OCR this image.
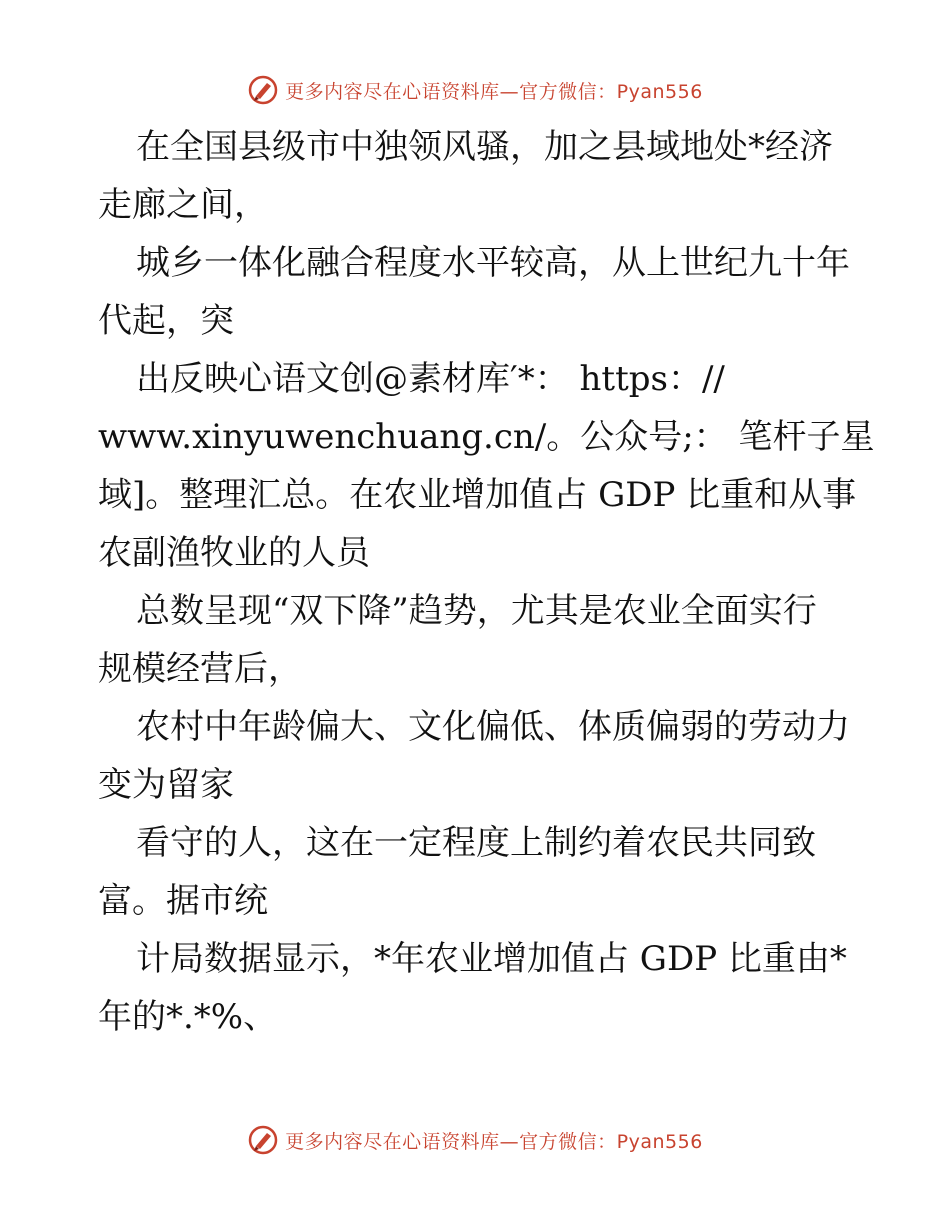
更多内容尽在心语资料库—官方微信：Pyan556

在全国县级市中独领风骚，加之县域地处*经济
走廊之间，

城乡一体化融合程度水平较高，从上世纪九十年
代起，突

出反映心语文创@素材库′*： https：//
www.xinyuwenchuang.cn/。公众号;： 笔杆子星
域]。整理汇总。在农业增加值占 GDP 比重和从事
农副渔牧业的人员

总数呈现“双下降”趋势，尤其是农业全面实行
规模经营后，

农村中年龄偏大、文化偏低、体质偏弱的劳动力
变为留家

看守的人，这在一定程度上制约着农民共同致
富。据市统

计局数据显示，*年农业增加值占 GDP 比重由*
年的*.*%、

更多内容尽在心语资料库—官方微信：Pyan556
